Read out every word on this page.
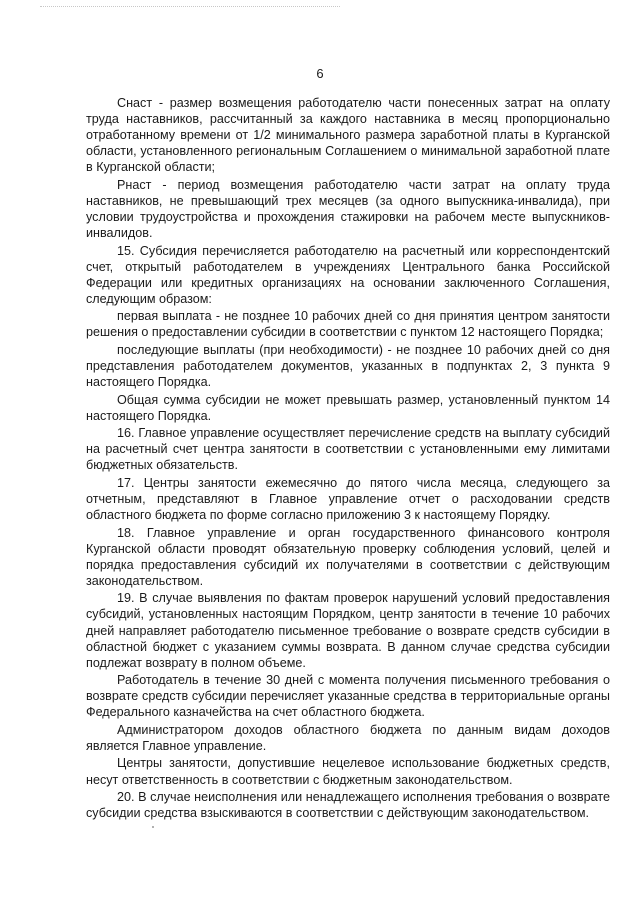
6

Снаст - размер возмещения работодателю части понесенных затрат на оплату труда наставников, рассчитанный за каждого наставника в месяц пропорционально отработанному времени от 1/2 минимального размера заработной платы в Курганской области, установленного региональным Соглашением о минимальной заработной плате в Курганской области;

Рнаст - период возмещения работодателю части затрат на оплату труда наставников, не превышающий трех месяцев (за одного выпускника-инвалида), при условии трудоустройства и прохождения стажировки на рабочем месте выпускников-инвалидов.

15. Субсидия перечисляется работодателю на расчетный или корреспондентский счет, открытый работодателем в учреждениях Центрального банка Российской Федерации или кредитных организациях на основании заключенного Соглашения, следующим образом:

первая выплата - не позднее 10 рабочих дней со дня принятия центром занятости решения о предоставлении субсидии в соответствии с пунктом 12 настоящего Порядка;

последующие выплаты (при необходимости) - не позднее 10 рабочих дней со дня представления работодателем документов, указанных в подпунктах 2, 3 пункта 9 настоящего Порядка.

Общая сумма субсидии не может превышать размер, установленный пунктом 14 настоящего Порядка.

16. Главное управление осуществляет перечисление средств на выплату субсидий на расчетный счет центра занятости в соответствии с установленными ему лимитами бюджетных обязательств.

17. Центры занятости ежемесячно до пятого числа месяца, следующего за отчетным, представляют в Главное управление отчет о расходовании средств областного бюджета по форме согласно приложению 3 к настоящему Порядку.

18. Главное управление и орган государственного финансового контроля Курганской области проводят обязательную проверку соблюдения условий, целей и порядка предоставления субсидий их получателями в соответствии с действующим законодательством.

19. В случае выявления по фактам проверок нарушений условий предоставления субсидий, установленных настоящим Порядком, центр занятости в течение 10 рабочих дней направляет работодателю письменное требование о возврате средств субсидии в областной бюджет с указанием суммы возврата. В данном случае средства субсидии подлежат возврату в полном объеме.

Работодатель в течение 30 дней с момента получения письменного требования о возврате средств субсидии перечисляет указанные средства в территориальные органы Федерального казначейства на счет областного бюджета.

Администратором доходов областного бюджета по данным видам доходов является Главное управление.

Центры занятости, допустившие нецелевое использование бюджетных средств, несут ответственность в соответствии с бюджетным законодательством.

20. В случае неисполнения или ненадлежащего исполнения требования о возврате субсидии средства взыскиваются в соответствии с действующим законодательством.
